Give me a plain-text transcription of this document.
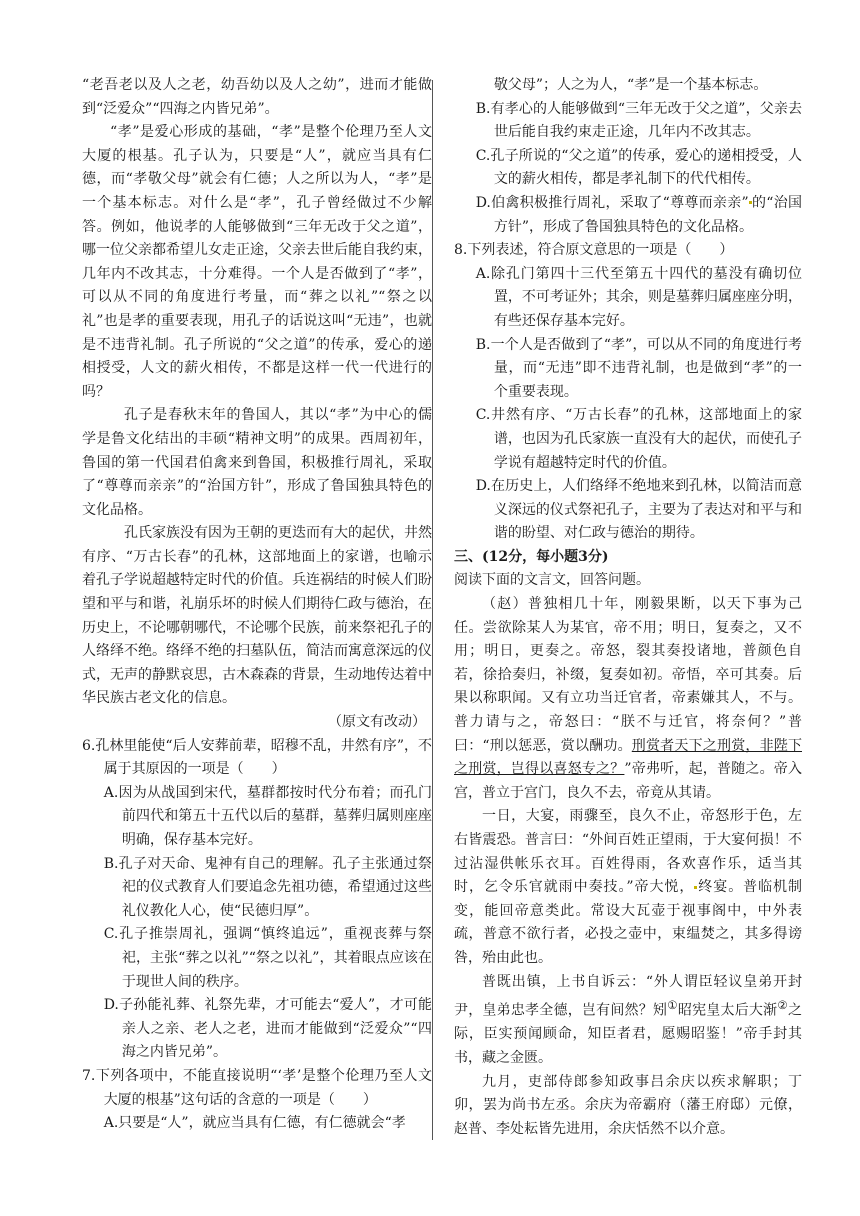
“老吾老以及人之老，幼吾幼以及人之幼”，进而才能做到“泛爱众”“四海之内皆兄弟”。

“孝”是爱心形成的基础，“孝”是整个伦理乃至人文大厦的根基。孔子认为，只要是“人”，就应当具有仁德，而“孝敬父母”就会有仁德；人之所以为人，“孝”是一个基本标志。对什么是“孝”，孔子曾经做过不少解答。例如，他说孝的人能够做到“三年无改于父之道”，哪一位父亲都希望儿女走正途，父亲去世后能自我约束，几年内不改其志，十分难得。一个人是否做到了“孝”，可以从不同的角度进行考量，而“葬之以礼”“祭之以礼”也是孝的重要表现，用孔子的话说这叫“无违”，也就是不违背礼制。孔子所说的“父之道”的传承，爱心的递相授受，人文的薪火相传，不都是这样一代一代进行的吗？

孔子是春秋末年的鲁国人，其以“孝”为中心的儒学是鲁文化结出的丰硕“精神文明”的成果。西周初年，鲁国的第一代国君伯禽来到鲁国，积极推行周礼，采取了“尊尊而亲亲”的“治国方针”，形成了鲁国独具特色的文化品格。

孔氏家族没有因为王朝的更迭而有大的起伏，井然有序、“万古长春”的孔林，这部地面上的家谱，也喻示着孔子学说超越特定时代的价值。兵连祸结的时候人们盼望和平与和谐，礼崩乐坏的时候人们期待仁政与德治，在历史上，不论哪朝哪代，不论哪个民族，前来祭祀孔子的人络绎不绝。络绎不绝的扫墓队伍，简洁而寓意深远的仪式，无声的静默哀思，古木森森的背景，生动地传达着中华民族古老文化的信息。

（原文有改动）

6.孔林里能使“后人安葬前辈，昭穆不乱，井然有序”，不属于其原因的一项是（　　）

A.因为从战国到宋代，墓群都按时代分布着；而孔门前四代和第五十五代以后的墓群，墓葬归属则座座明确，保存基本完好。

B.孔子对天命、鬼神有自己的理解。孔子主张通过祭祀的仪式教育人们要追念先祖功德，希望通过这些礼仪教化人心，使“民德归厚”。

C.孔子推崇周礼，强调“慎终追远”，重视丧葬与祭祀，主张“葬之以礼”“祭之以礼”，其着眼点应该在于现世人间的秩序。

D.子孙能礼葬、礼祭先辈，才可能去“爱人”，才可能亲人之亲、老人之老，进而才能做到“泛爱众”“四海之内皆兄弟”。

7.下列各项中，不能直接说明“‘孝’是整个伦理乃至人文大厦的根基”这句话的含意的一项是（　　）

A.只要是“人”，就应当具有仁德，有仁德就会“孝

敬父母”；人之为人，“孝”是一个基本标志。

B.有孝心的人能够做到“三年无改于父之道”，父亲去世后能自我约束走正途，几年内不改其志。

C.孔子所说的“父之道”的传承，爱心的递相授受，人文的薪火相传，都是孝礼制下的代代相传。

D.伯禽积极推行周礼，采取了“尊尊而亲亲” 的“治国方针”，形成了鲁国独具特色的文化品格。

8.下列表述，符合原文意思的一项是（　　）

A.除孔门第四十三代至第五十四代的墓没有确切位置，不可考证外；其余，则是墓葬归属座座分明，有些还保存基本完好。

B.一个人是否做到了“孝”，可以从不同的角度进行考量，而“无违”即不违背礼制，也是做到“孝”的一个重要表现。

C.井然有序、“万古长春”的孔林，这部地面上的家谱，也因为孔氏家族一直没有大的起伏，而使孔子学说有超越特定时代的价值。

D.在历史上，人们络绎不绝地来到孔林，以简洁而意义深远的仪式祭祀孔子，主要为了表达对和平与和谐的盼望、对仁政与德治的期待。

三、(12分，每小题3分)

阅读下面的文言文，回答问题。

（赵）普独相几十年，刚毅果断，以天下事为己任。尝欲除某人为某官，帝不用；明日，复奏之，又不用；明日，更奏之。帝怒，裂其奏投诸地，普颜色自若，徐拾奏归，补缀，复奏如初。帝悟，卒可其奏。后果以称职闻。又有立功当迁官者，帝素嫌其人，不与。普力请与之，帝怒曰：“朕不与迁官，将奈何？”普曰：“刑以惩恶，赏以酬功。刑赏者天下之刑赏，非陛下之刑赏，岂得以喜怒专之？”帝弗听，起，普随之。帝入宫，普立于宫门，良久不去，帝竟从其请。

一日，大宴，雨骤至，良久不止，帝怒形于色，左右皆震恐。普言曰：“外间百姓正望雨，于大宴何损！不过沾湿供帐乐衣耳。百姓得雨，各欢喜作乐，适当其时，乞令乐官就雨中奏技。”帝大悦， 终宴。普临机制变，能回帝意类此。常设大瓦壶于视事阁中，中外表疏，普意不欲行者，必投之壶中，束缊焚之，其多得谤咎，殆由此也。

普既出镇，上书自诉云：“外人谓臣轻议皇弟开封尹，皇弟忠孝全德，岂有间然？矧①昭宪皇太后大渐②之际，臣实预闻顾命，知臣者君，愿赐昭鉴！”帝手封其书，藏之金匮。

九月，吏部侍郎参知政事吕余庆以疾求解职；丁卯，罢为尚书左丞。余庆为帝霸府（藩王府邸）元僚，赵普、李处耘皆先进用，余庆恬然不以介意。
